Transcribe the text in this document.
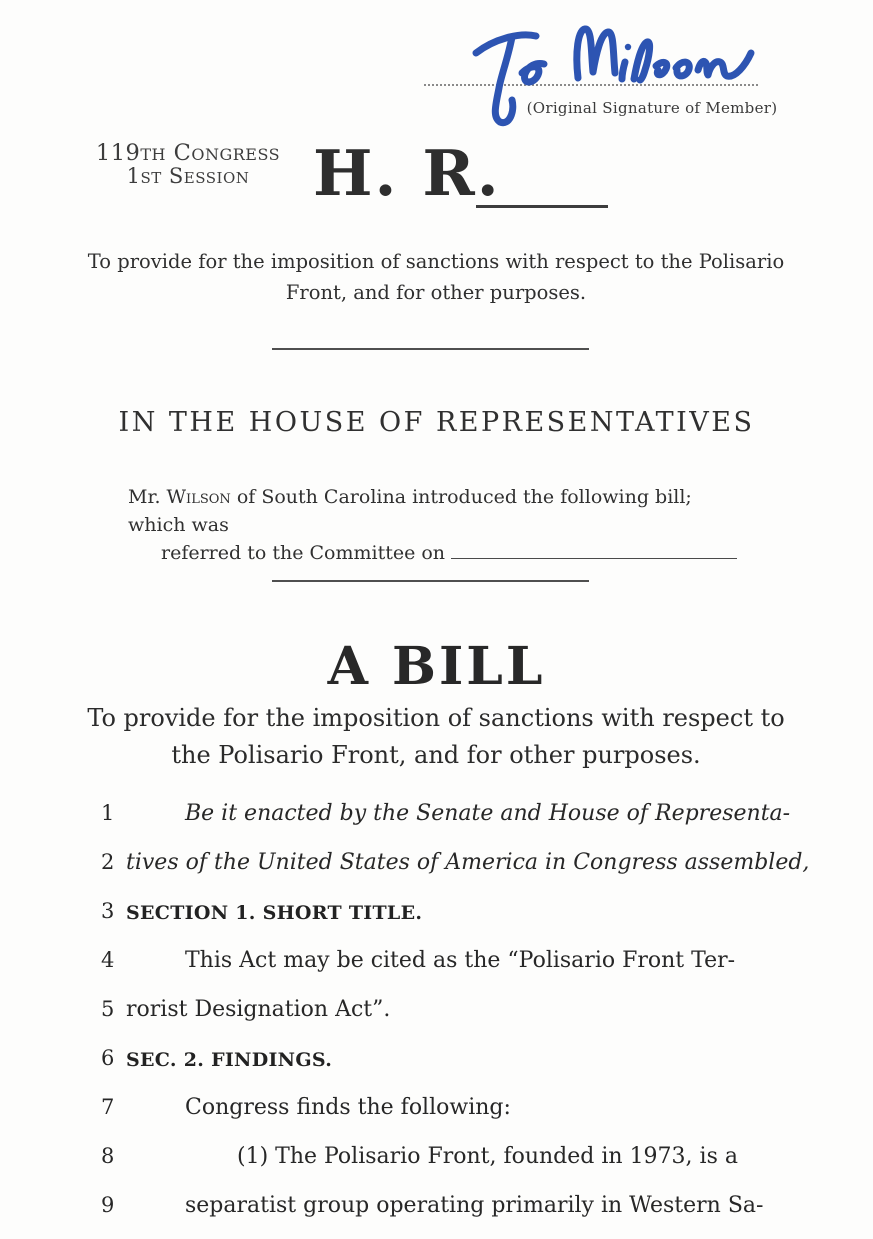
(Original Signature of Member)
119th Congress
1st Session	H. R.
To provide for the imposition of sanctions with respect to the Polisario
Front, and for other purposes.
IN THE HOUSE OF REPRESENTATIVES
Mr. Wilson of South Carolina introduced the following bill; which was
referred to the Committee on
A BILL
To provide for the imposition of sanctions with respect to
the Polisario Front, and for other purposes.
1	Be it enacted by the Senate and House of Representa-
2 tives of the United States of America in Congress assembled,
3 SECTION 1. SHORT TITLE.
4	This Act may be cited as the “Polisario Front Ter-
5 rorist Designation Act”.
6 SEC. 2. FINDINGS.
7	Congress finds the following:
8	(1) The Polisario Front, founded in 1973, is a
9	separatist group operating primarily in Western Sa-
